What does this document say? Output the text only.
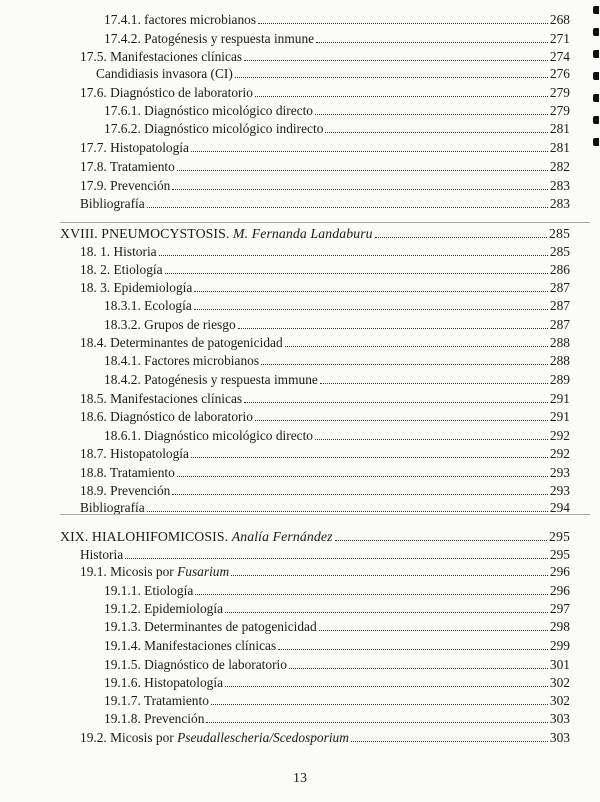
17.4.1. factores microbianos	268
17.4.2. Patogénesis y respuesta inmune	271
17.5. Manifestaciones clínicas	274
Candidiasis invasora (CI)	276
17.6. Diagnóstico de laboratorio	279
17.6.1. Diagnóstico micológico directo	279
17.6.2. Diagnóstico micológico indirecto	281
17.7. Histopatología	281
17.8. Tratamiento	282
17.9. Prevención	283
Bibliografía	283
XVIII. PNEUMOCYSTOSIS. M. Fernanda Landaburu	285
18. 1. Historia	285
18. 2. Etiología	286
18. 3. Epidemiología	287
18.3.1. Ecología	287
18.3.2. Grupos de riesgo	287
18.4. Determinantes de patogenicidad	288
18.4.1. Factores microbianos	288
18.4.2. Patogénesis y respuesta immune	289
18.5. Manifestaciones clínicas	291
18.6. Diagnóstico de laboratorio	291
18.6.1. Diagnóstico micológico directo	292
18.7. Histopatología	292
18.8. Tratamiento	293
18.9. Prevención	293
Bibliografía	294
XIX. HIALOHIFOMICOSIS. Analía Fernández	295
Historia	295
19.1. Micosis por Fusarium	296
19.1.1. Etiología	296
19.1.2. Epidemiología	297
19.1.3. Determinantes de patogenicidad	298
19.1.4. Manifestaciones clínicas	299
19.1.5. Diagnóstico de laboratorio	301
19.1.6. Histopatología	302
19.1.7. Tratamiento	302
19.1.8. Prevención	303
19.2. Micosis por Pseudallescheria/Scedosporium	303
13
